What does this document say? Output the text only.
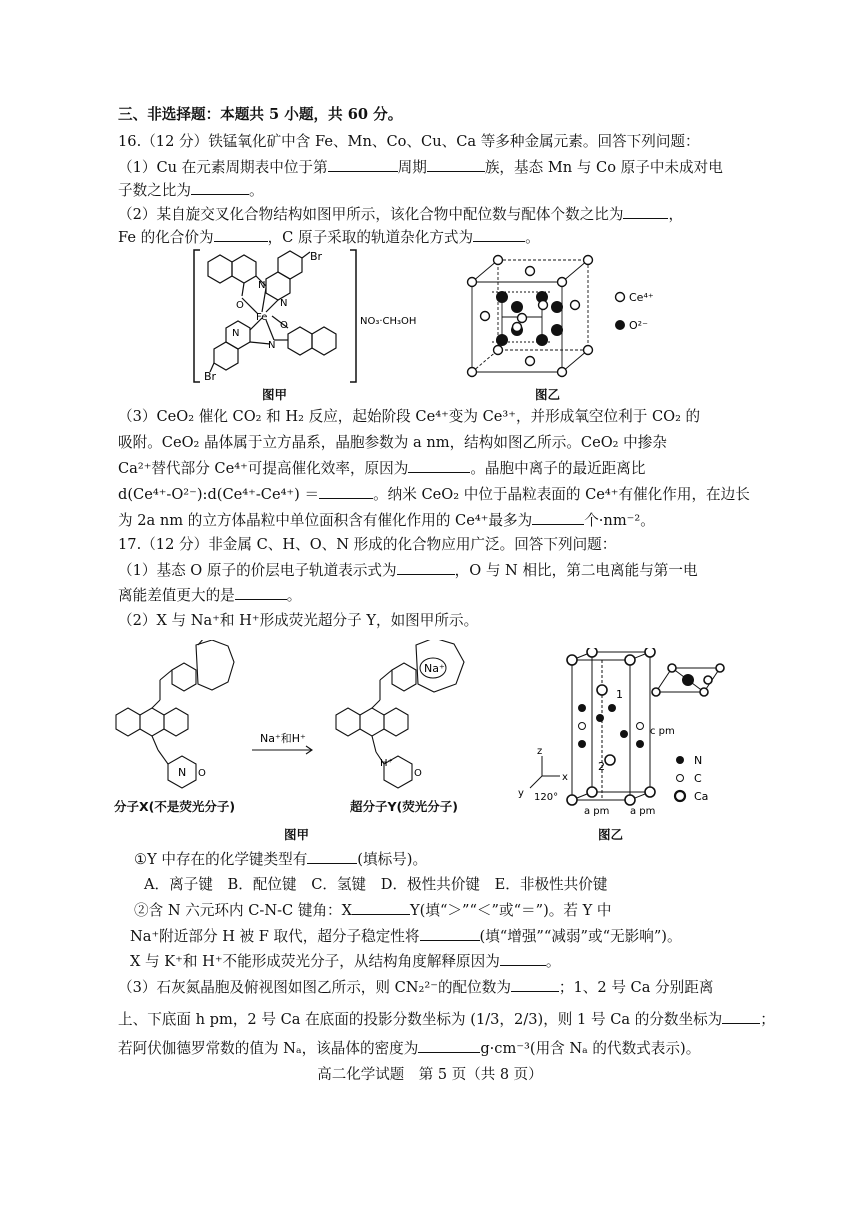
三、非选择题：本题共 5 小题，共 60 分。
16.（12 分）铁锰氧化矿中含 Fe、Mn、Co、Cu、Ca 等多种金属元素。回答下列问题：
（1）Cu 在元素周期表中位于第	周期	族，基态 Mn 与 Co 原子中未成对电
子数之比为	。
（2）某自旋交叉化合物结构如图甲所示，该化合物中配位数与配体个数之比为	，
Fe 的化合价为	，C 原子采取的轨道杂化方式为	。
Br
Br
Fe
N
N
O
O
N
N
NO₃·CH₃OH
图甲
Ce⁴⁺
O²⁻
图乙
（3）CeO₂ 催化 CO₂ 和 H₂ 反应，起始阶段 Ce⁴⁺变为 Ce³⁺，并形成氧空位利于 CO₂ 的
吸附。CeO₂ 晶体属于立方晶系，晶胞参数为 a nm，结构如图乙所示。CeO₂ 中掺杂
Ca²⁺替代部分 Ce⁴⁺可提高催化效率，原因为	。晶胞中离子的最近距离比
d(Ce⁴⁺-O²⁻):d(Ce⁴⁺-Ce⁴⁺) ＝	。纳米 CeO₂ 中位于晶粒表面的 Ce⁴⁺有催化作用，在边长
为 2a nm 的立方体晶粒中单位面积含有催化作用的 Ce⁴⁺最多为	个·nm⁻²。
17.（12 分）非金属 C、H、O、N 形成的化合物应用广泛。回答下列问题：
（1）基态 O 原子的价层电子轨道表示式为	，O 与 N 相比，第二电离能与第一电
离能差值更大的是	。
（2）X 与 Na⁺和 H⁺形成荧光超分子 Y，如图甲所示。
N O
Na⁺和H⁺
Na⁺
H⁺
O
分子X(不是荧光分子)	超分子Y(荧光分子)
图甲
N
C
Ca
1
2
c pm
a pm a pm
z
x
y 120°
图乙
①Y 中存在的化学键类型有	(填标号)。
A．离子键　B．配位键　C．氢键　D．极性共价键　E．非极性共价键
②含 N 六元环内 C-N-C 键角：X	Y(填“＞”“＜”或“＝”)。若 Y 中
Na⁺附近部分 H 被 F 取代，超分子稳定性将	(填“增强”“减弱”或“无影响”)。
X 与 K⁺和 H⁺不能形成荧光分子，从结构角度解释原因为	。
（3）石灰氮晶胞及俯视图如图乙所示，则 CN₂²⁻的配位数为	；1、2 号 Ca 分别距离
上、下底面 h pm，2 号 Ca 在底面的投影分数坐标为 (1/3，2/3)，则 1 号 Ca 的分数坐标为	；
若阿伏伽德罗常数的值为 Nₐ，该晶体的密度为	g·cm⁻³(用含 Nₐ 的代数式表示)。
高二化学试题　第 5 页（共 8 页）
